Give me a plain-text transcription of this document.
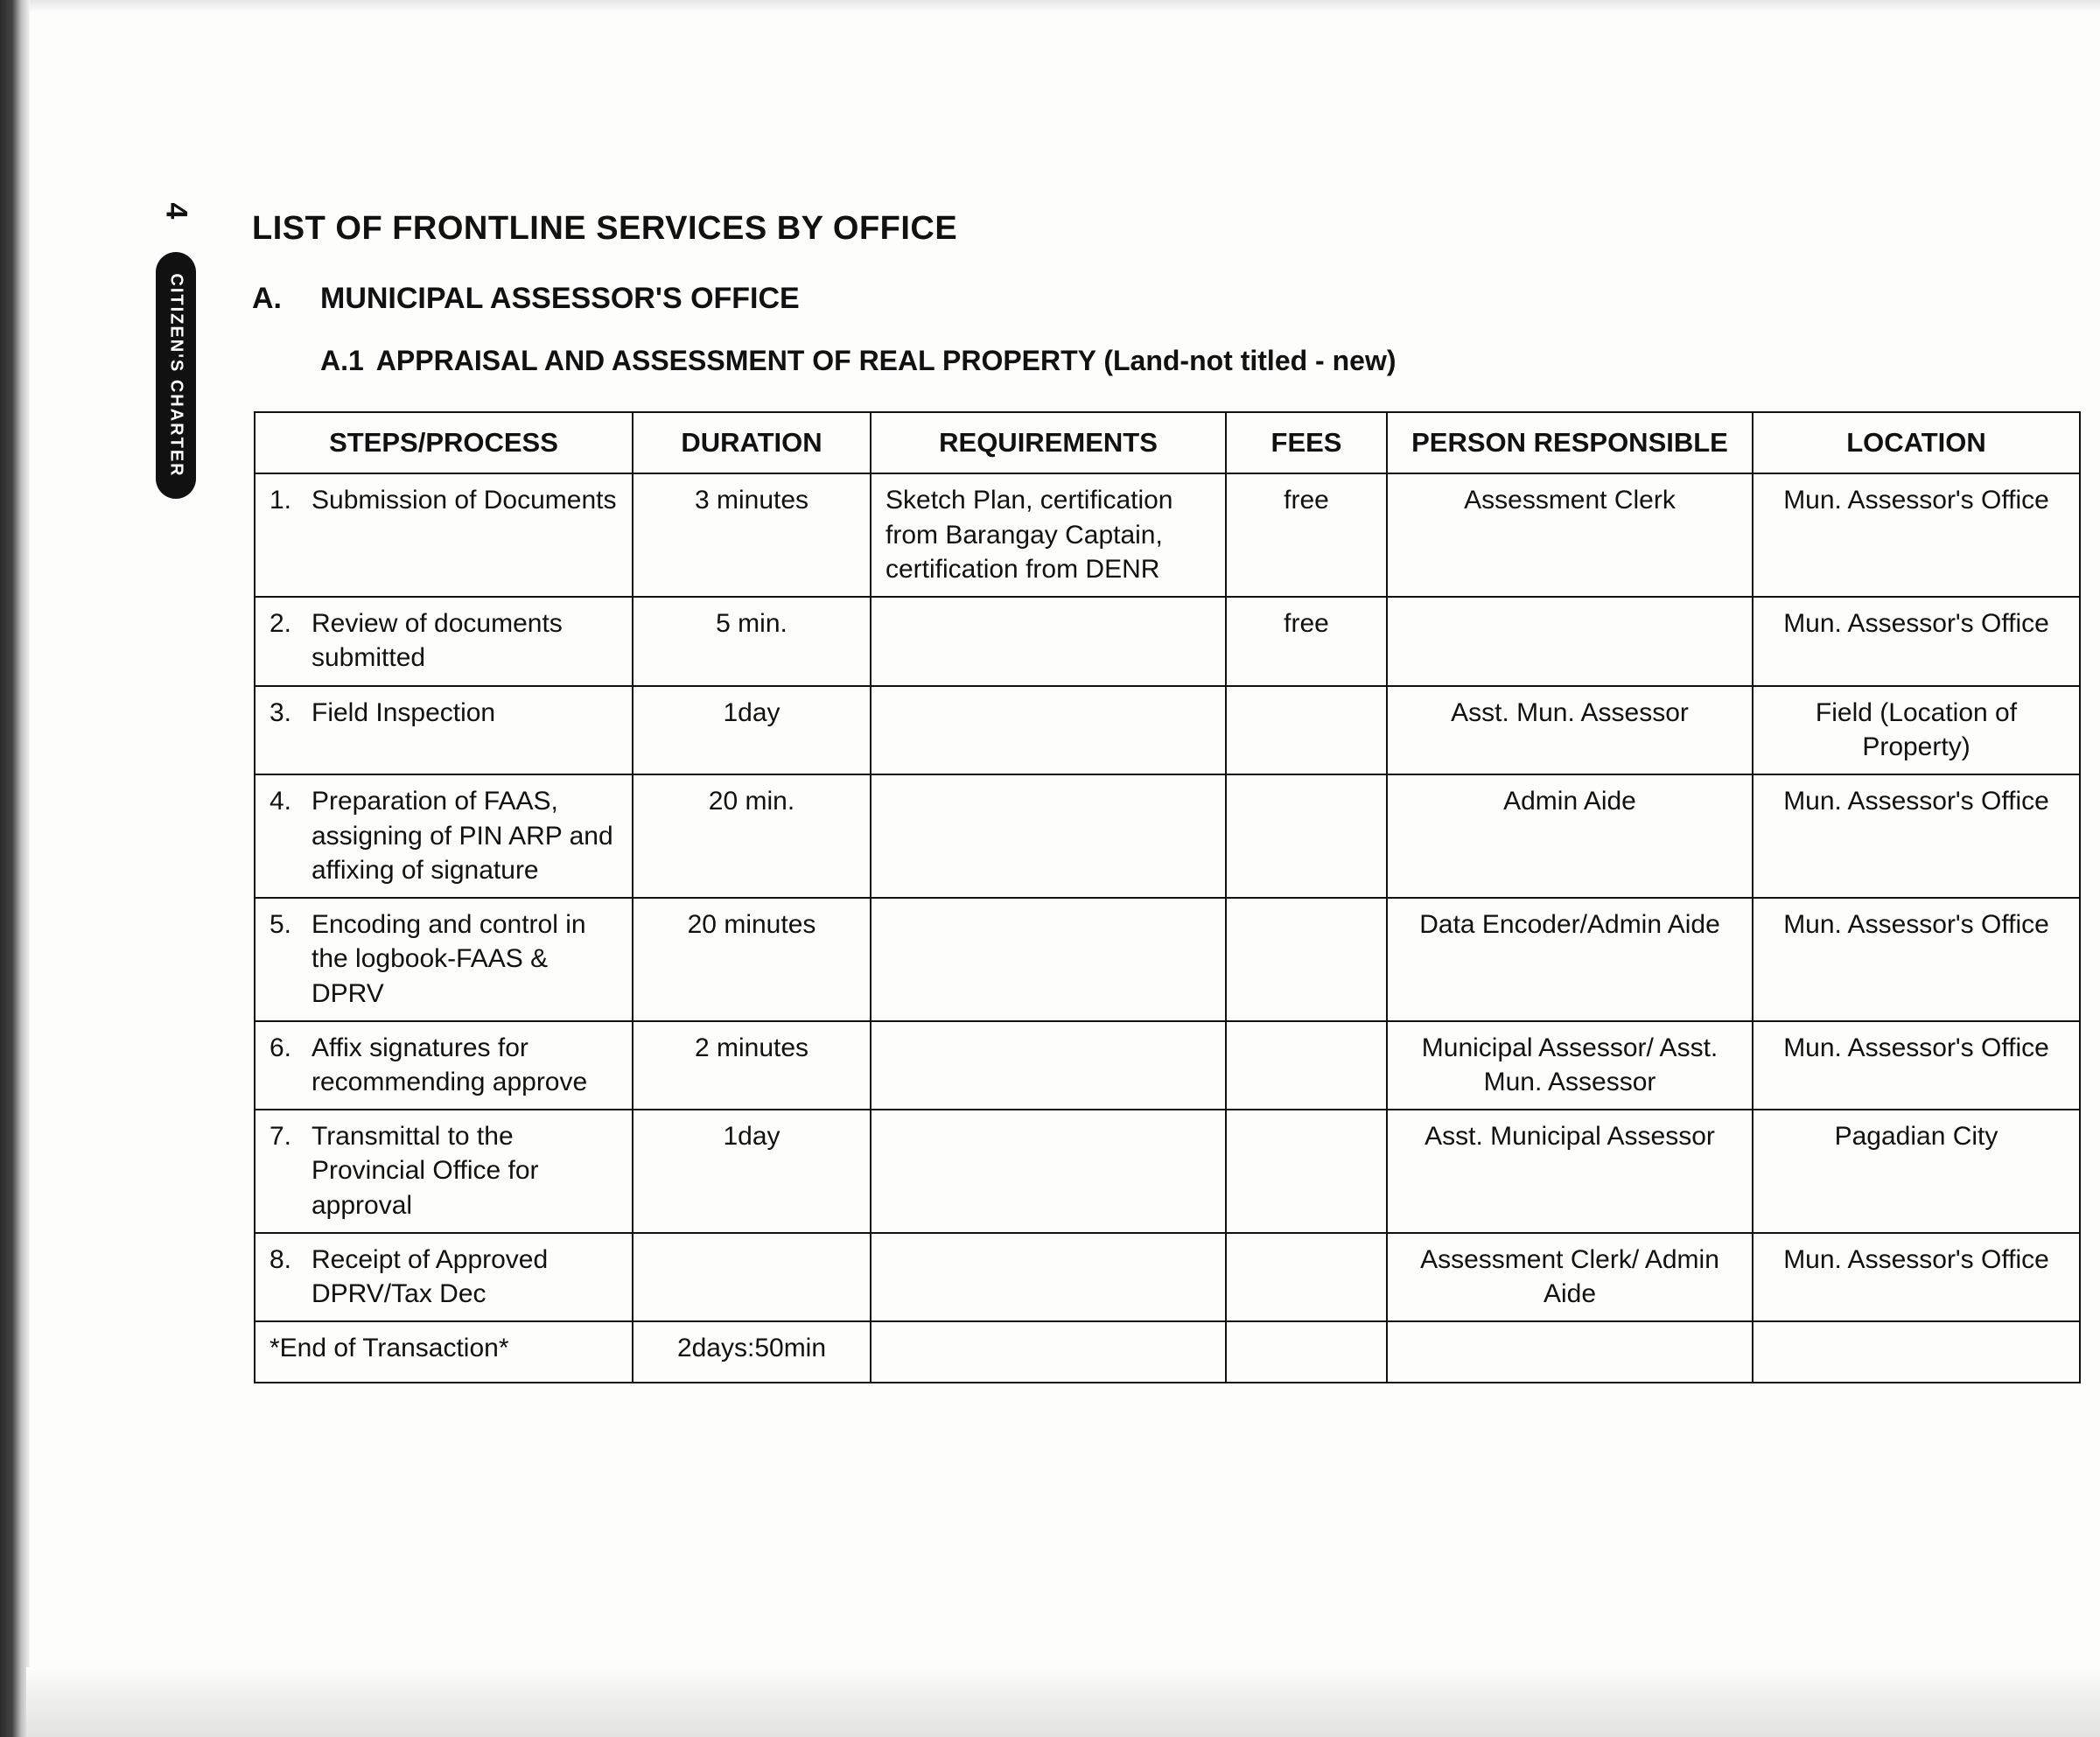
4
CITIZEN'S CHARTER
LIST OF FRONTLINE SERVICES BY OFFICE
A. MUNICIPAL ASSESSOR'S OFFICE
A.1 APPRAISAL AND ASSESSMENT OF REAL PROPERTY (Land-not titled - new)
STEPS/PROCESS	DURATION	REQUIREMENTS	FEES	PERSON RESPONSIBLE	LOCATION

1. Submission of Documents	3 minutes	Sketch Plan, certification from Barangay Captain, certification from DENR	free	Assessment Clerk	Mun. Assessor's Office

2. Review of documents submitted	5 min.		free		Mun. Assessor's Office

3. Field Inspection	1day			Asst. Mun. Assessor	Field (Location of Property)

4. Preparation of FAAS, assigning of PIN ARP and affixing of signature	20 min.			Admin Aide	Mun. Assessor's Office

5. Encoding and control in the logbook-FAAS & DPRV	20 minutes			Data Encoder/Admin Aide	Mun. Assessor's Office

6. Affix signatures for recommending approve	2 minutes			Municipal Assessor/ Asst. Mun. Assessor	Mun. Assessor's Office

7. Transmittal to the Provincial Office for approval	1day			Asst. Municipal Assessor	Pagadian City

8. Receipt of Approved DPRV/Tax Dec				Assessment Clerk/ Admin Aide	Mun. Assessor's Office
*End of Transaction*	2days:50min				
